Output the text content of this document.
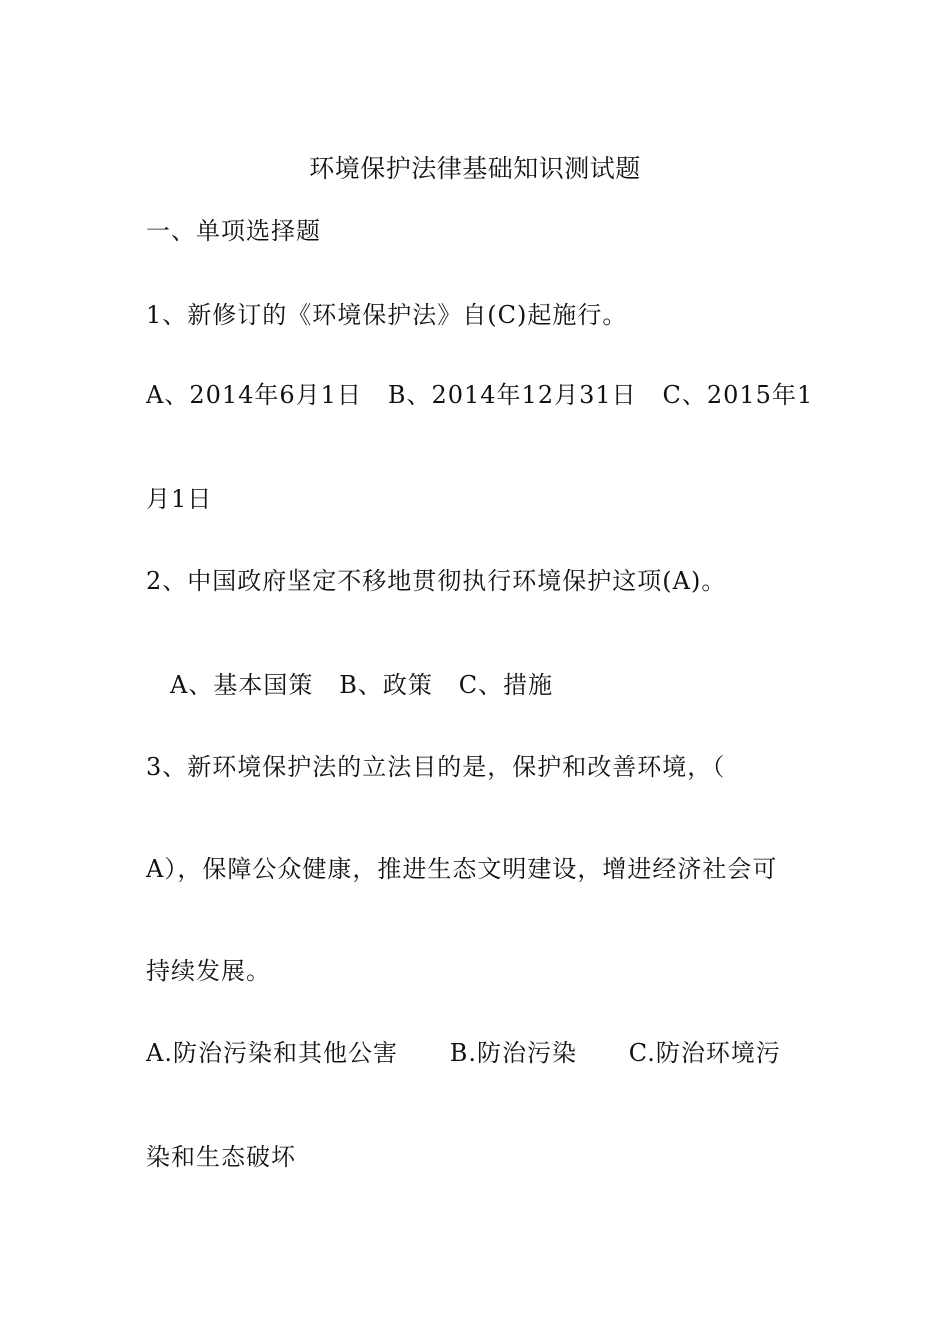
环境保护法律基础知识测试题
一、单项选择题
1、新修订的《环境保护法》自(C)起施行。
A、2014年6月1日   B、2014年12月31日   C、2015年1
月1日
2、中国政府坚定不移地贯彻执行环境保护这项(A)。
A、基本国策   B、政策   C、措施
3、新环境保护法的立法目的是，保护和改善环境，（
A），保障公众健康，推进生态文明建设，增进经济社会可
持续发展。
A.防治污染和其他公害      B.防治污染      C.防治环境污
染和生态破坏
